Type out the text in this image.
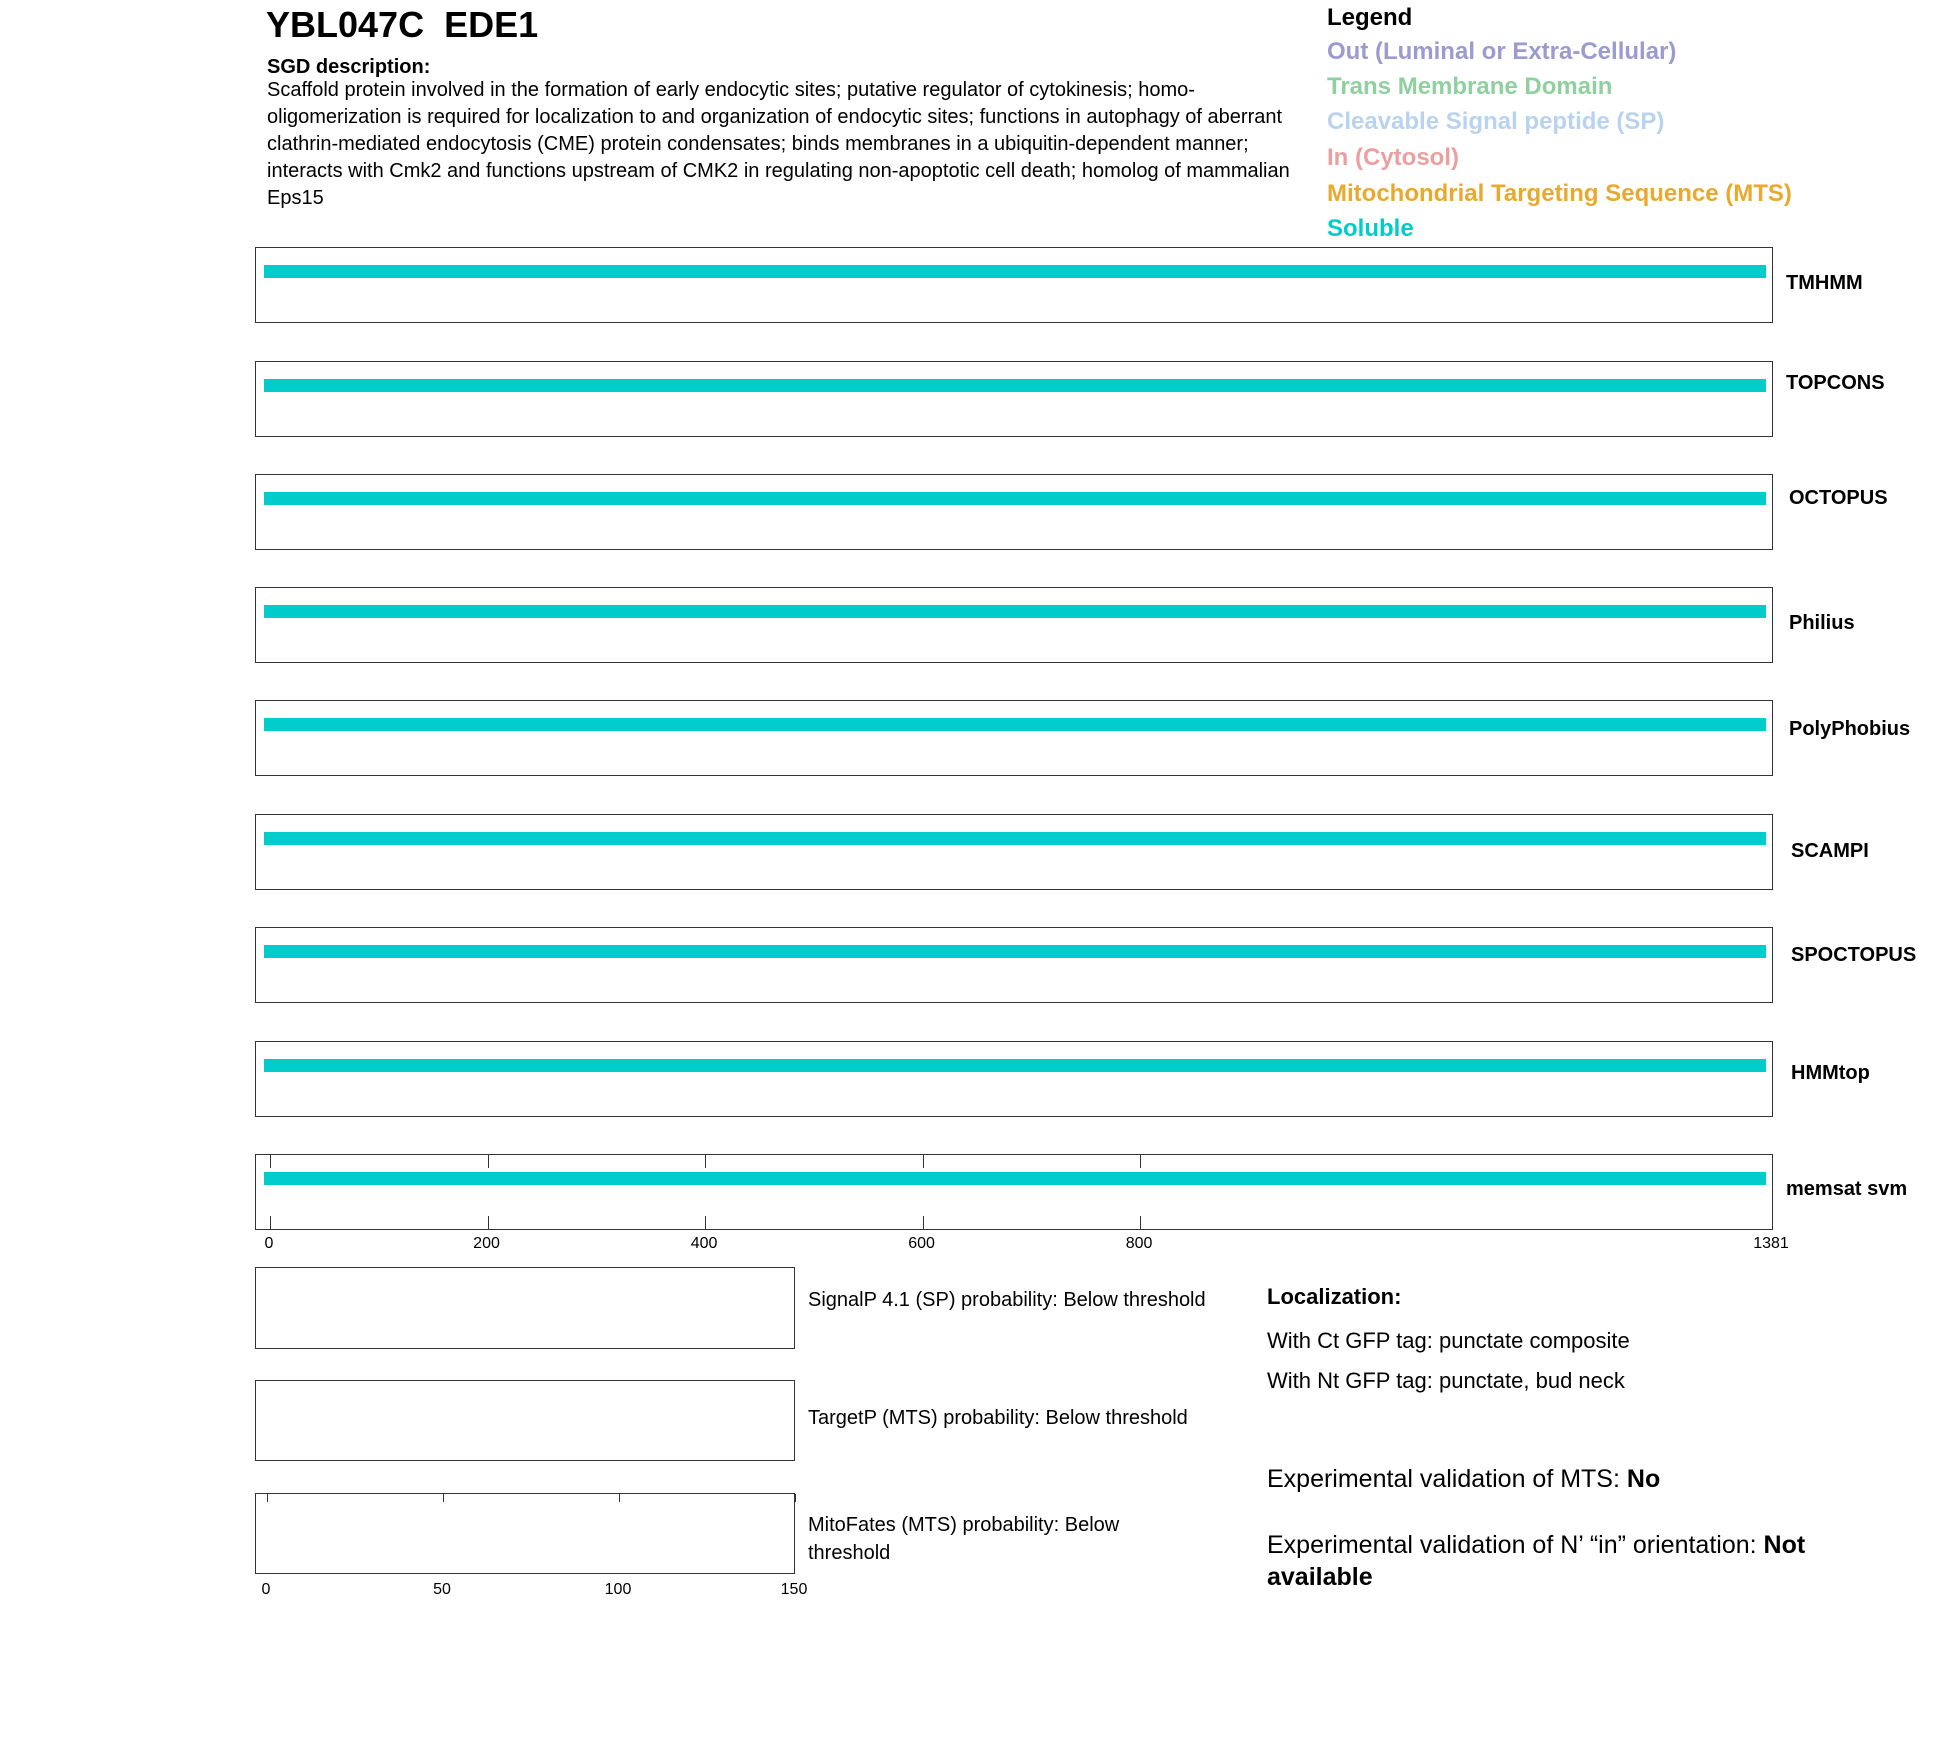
YBL047C  EDE1
SGD description:
Scaffold protein involved in the formation of early endocytic sites; putative regulator of cytokinesis; homo-oligomerization is required for localization to and organization of endocytic sites; functions in autophagy of aberrant clathrin-mediated endocytosis (CME) protein condensates; binds membranes in a ubiquitin-dependent manner; interacts with Cmk2 and functions upstream of CMK2 in regulating non-apoptotic cell death; homolog of mammalian Eps15
Legend
Out (Luminal or Extra-Cellular)
Trans Membrane Domain
Cleavable Signal peptide (SP)
In (Cytosol)
Mitochondrial Targeting Sequence (MTS)
Soluble
TMHMM
TOPCONS
OCTOPUS
Philius
PolyPhobius
SCAMPI
SPOCTOPUS
HMMtop
memsat svm
0	200	400	600	800	1381
SignalP 4.1 (SP) probability: Below threshold
TargetP (MTS) probability: Below threshold
MitoFates (MTS) probability: Below threshold
0	50	100	150
Localization:
With Ct GFP tag: punctate composite
With Nt GFP tag: punctate, bud neck
Experimental validation of MTS: No
Experimental validation of N’ “in” orientation: Not available
